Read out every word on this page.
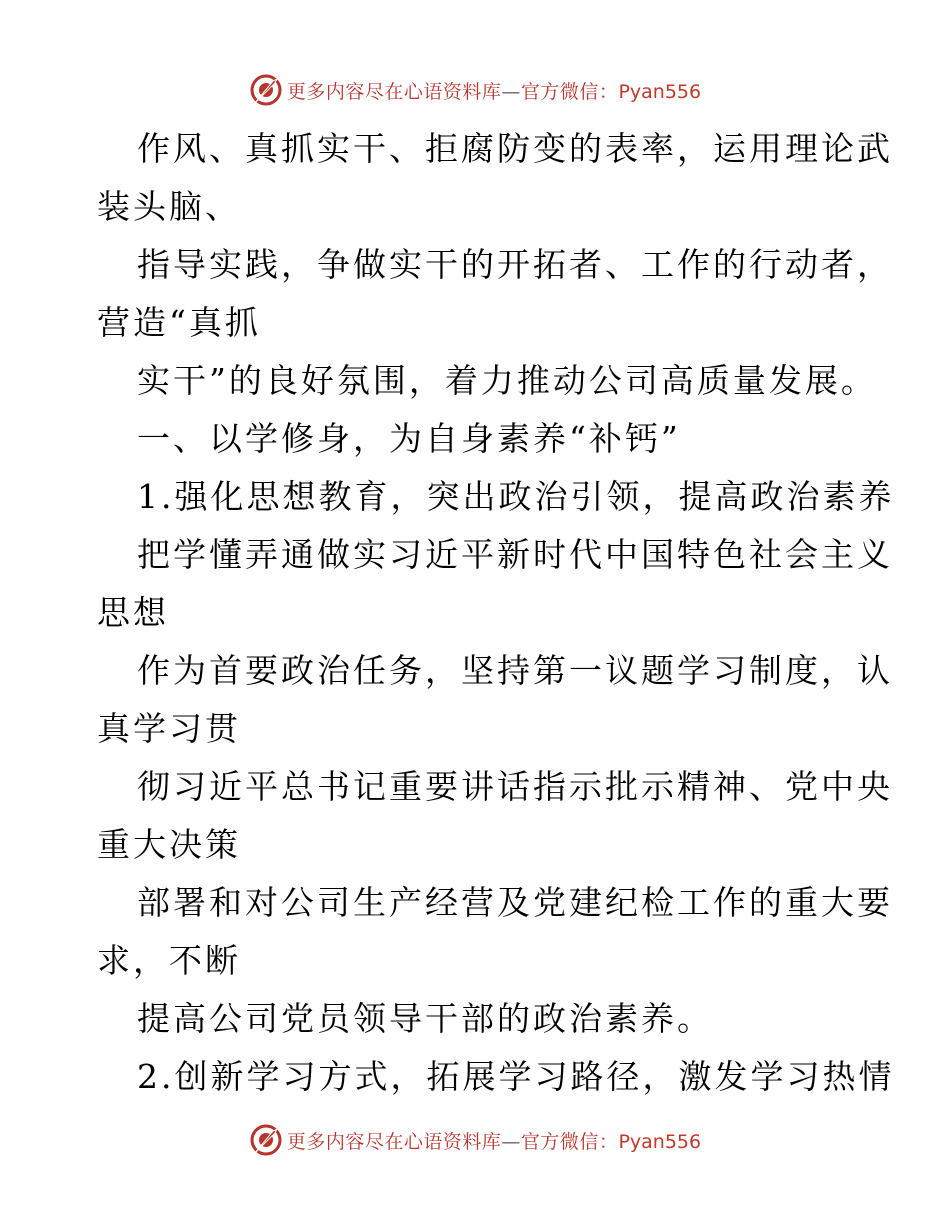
更多内容尽在心语资料库—官方微信：Pyan556

作风、真抓实干、拒腐防变的表率，运用理论武

装头脑、

指导实践，争做实干的开拓者、工作的行动者，

营造“真抓

实干”的良好氛围，着力推动公司高质量发展。

一、以学修身，为自身素养“补钙”

1.强化思想教育，突出政治引领，提高政治素养

把学懂弄通做实习近平新时代中国特色社会主义

思想

作为首要政治任务，坚持第一议题学习制度，认

真学习贯

彻习近平总书记重要讲话指示批示精神、党中央

重大决策

部署和对公司生产经营及党建纪检工作的重大要

求，不断

提高公司党员领导干部的政治素养。

2.创新学习方式，拓展学习路径，激发学习热情

更多内容尽在心语资料库—官方微信：Pyan556
